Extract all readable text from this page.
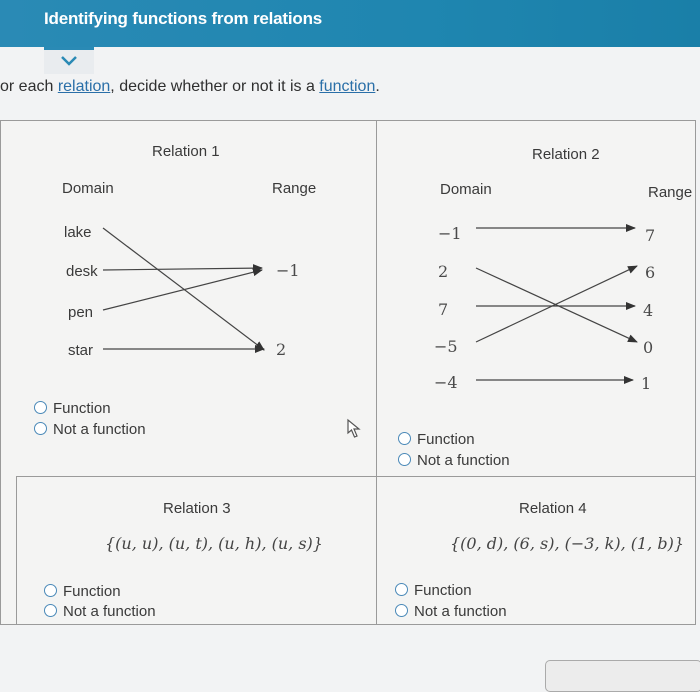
Identifying functions from relations
or each relation, decide whether or not it is a function.
Relation 1
Domain	Range
lake
desk
pen
star
−1
2
Function
Not a function
Relation 2
Domain	Range
−1
2
7
−5
−4
7
6
4
0
1
Function
Not a function
Relation 3
{(u, u), (u, t), (u, h), (u, s)}
Function
Not a function
Relation 4
{(0, d), (6, s), (−3, k), (1, b)}
Function
Not a function
